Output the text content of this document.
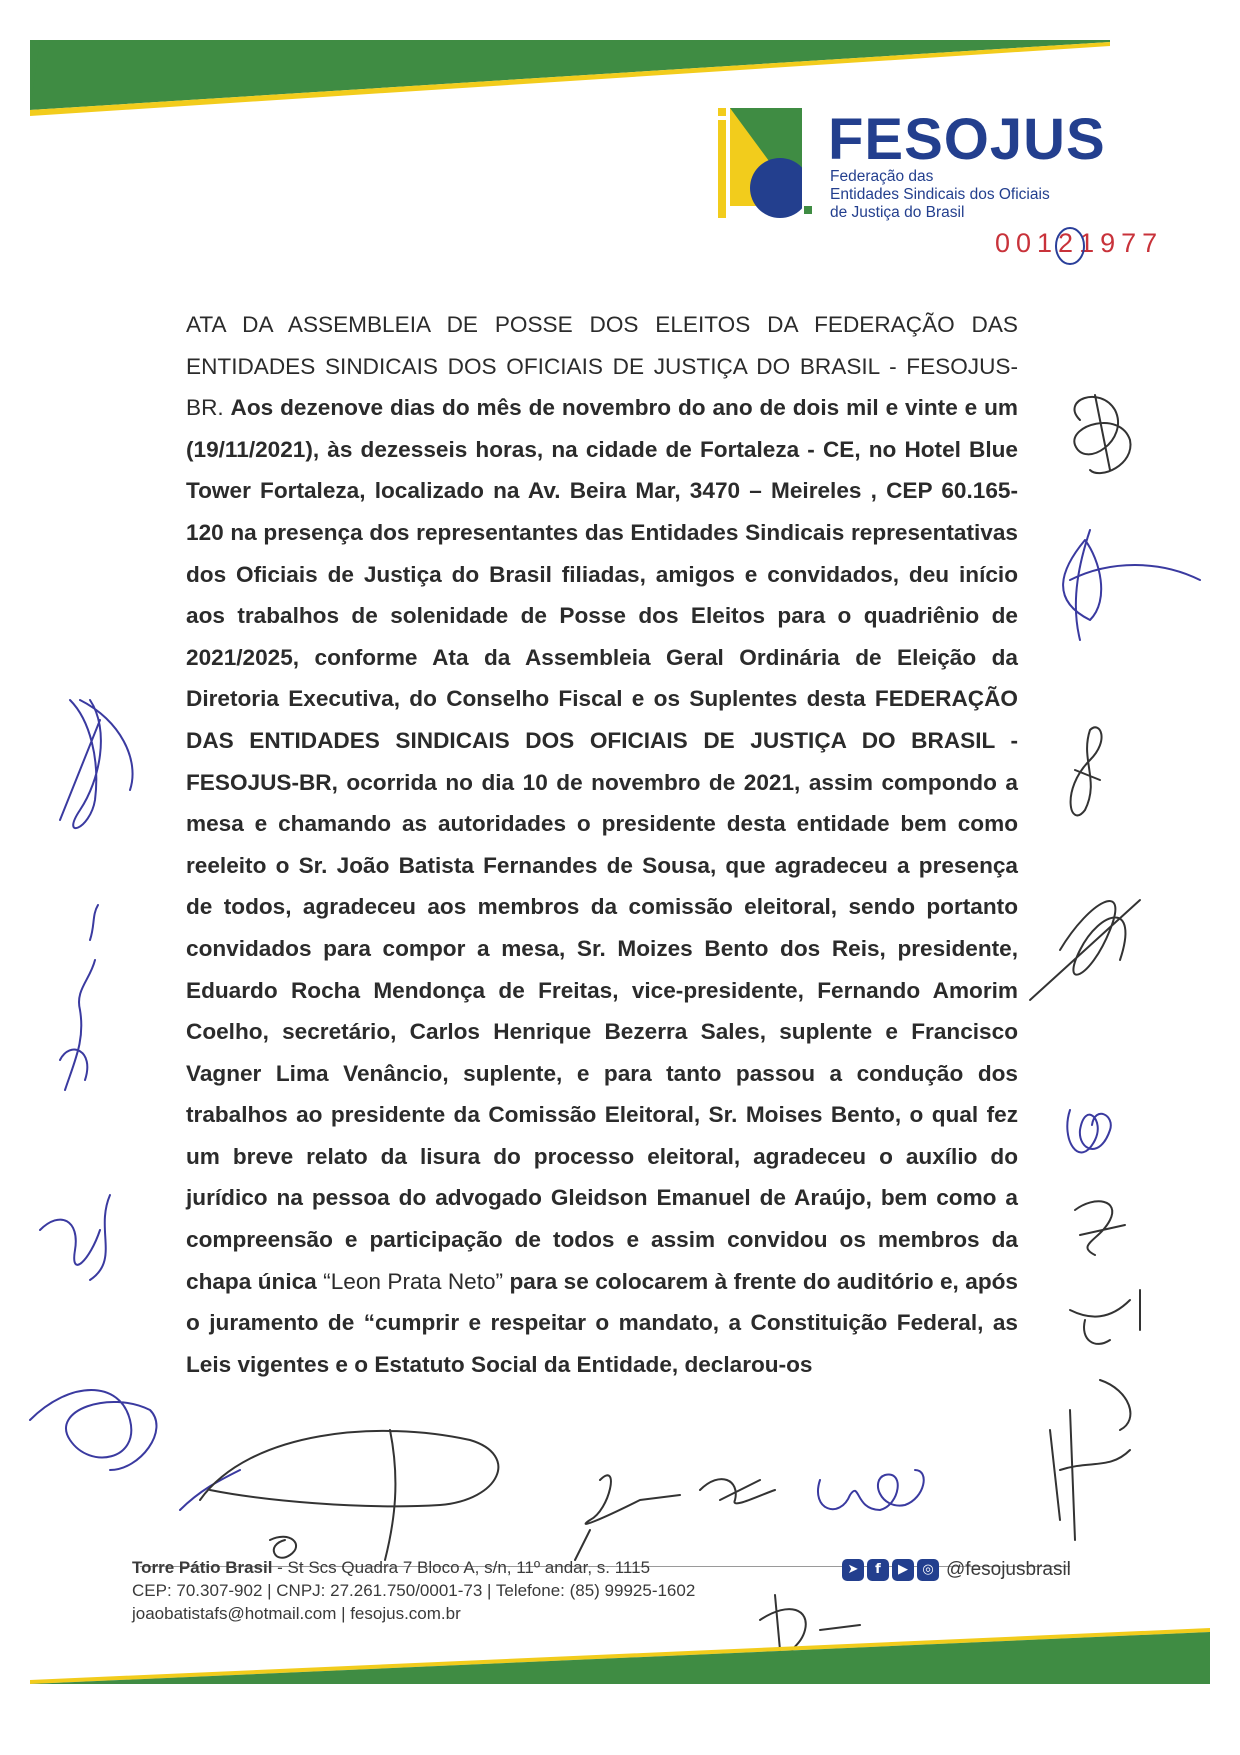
FESOJUS
Federação das
Entidades Sindicais dos Oficiais
de Justiça do Brasil
00121977
ATA DA ASSEMBLEIA DE POSSE DOS ELEITOS DA FEDERAÇÃO DAS ENTIDADES SINDICAIS DOS OFICIAIS DE JUSTIÇA DO BRASIL - FESOJUS-BR. Aos dezenove dias do mês de novembro do ano de dois mil e vinte e um (19/11/2021), às dezesseis horas, na cidade de Fortaleza - CE, no Hotel Blue Tower Fortaleza, localizado na Av. Beira Mar, 3470 – Meireles , CEP 60.165-120 na presença dos representantes das Entidades Sindicais representativas dos Oficiais de Justiça do Brasil filiadas, amigos e convidados, deu início aos trabalhos de solenidade de Posse dos Eleitos para o quadriênio de 2021/2025, conforme Ata da Assembleia Geral Ordinária de Eleição da Diretoria Executiva, do Conselho Fiscal e os Suplentes desta FEDERAÇÃO DAS ENTIDADES SINDICAIS DOS OFICIAIS DE JUSTIÇA DO BRASIL - FESOJUS-BR, ocorrida no dia 10 de novembro de 2021, assim compondo a mesa e chamando as autoridades o presidente desta entidade bem como reeleito o Sr. João Batista Fernandes de Sousa, que agradeceu a presença de todos, agradeceu aos membros da comissão eleitoral, sendo portanto convidados para compor a mesa, Sr. Moizes Bento dos Reis, presidente, Eduardo Rocha Mendonça de Freitas, vice-presidente, Fernando Amorim Coelho, secretário, Carlos Henrique Bezerra Sales, suplente e Francisco Vagner Lima Venâncio, suplente, e para tanto passou a condução dos trabalhos ao presidente da Comissão Eleitoral, Sr. Moises Bento, o qual fez um breve relato da lisura do processo eleitoral, agradeceu o auxílio do jurídico na pessoa do advogado Gleidson Emanuel de Araújo, bem como a compreensão e participação de todos e assim convidou os membros da chapa única “Leon Prata Neto” para se colocarem à frente do auditório e, após o juramento de “cumprir e respeitar o mandato, a Constituição Federal, as Leis vigentes e o Estatuto Social da Entidade, declarou-os
Torre Pátio Brasil - St Scs Quadra 7 Bloco A, s/n, 11º andar, s. 1115
CEP: 70.307-902 | CNPJ: 27.261.750/0001-73 | Telefone: (85) 99925-1602
joaobatistafs@hotmail.com | fesojus.com.br
➤ f ▶ ◎ @fesojusbrasil
